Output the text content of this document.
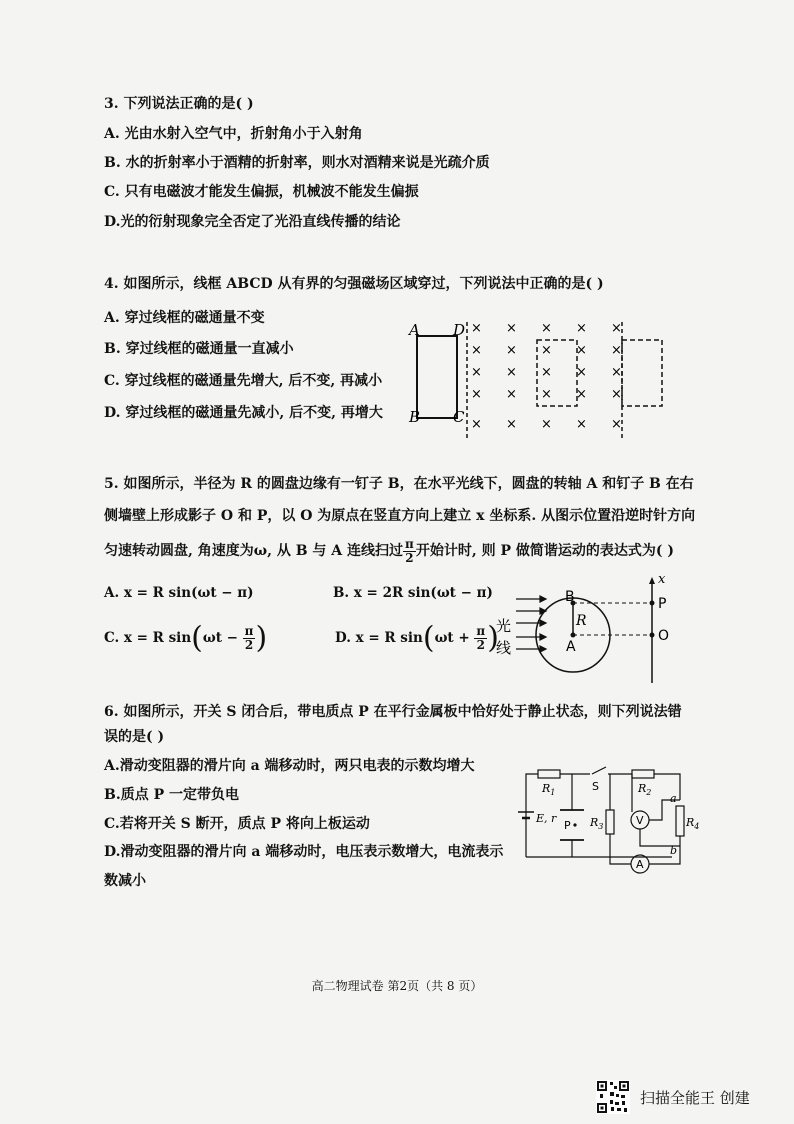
3. 下列说法正确的是( )
A. 光由水射入空气中，折射角小于入射角
B. 水的折射率小于酒精的折射率，则水对酒精来说是光疏介质
C. 只有电磁波才能发生偏振，机械波不能发生偏振
D.光的衍射现象完全否定了光沿直线传播的结论
4. 如图所示，线框 ABCD 从有界的匀强磁场区域穿过，下列说法中正确的是( )
A. 穿过线框的磁通量不变
B. 穿过线框的磁通量一直减小
C. 穿过线框的磁通量先增大, 后不变, 再减小
D. 穿过线框的磁通量先减小, 后不变, 再增大
A D
B C
× × × × ×
× × × × ×
× × × × ×
× × × × ×
× × × × ×
5. 如图所示，半径为 R 的圆盘边缘有一钉子 B，在水平光线下，圆盘的转轴 A 和钉子 B 在右
侧墙壁上形成影子 O 和 P，以 O 为原点在竖直方向上建立 x 坐标系. 从图示位置沿逆时针方向
匀速转动圆盘, 角速度为ω, 从 B 与 A 连线扫过 $\frac{\pi}{2}$ 开始计时, 则 P 做简谐运动的表达式为( )
A. x = R sin(ωt − π)	B. x = 2R sin(ωt − π)
C. x = R $\sin(\omega t - \frac{\pi}{2}$ )	D. x = R $\sin(\omega t + \frac{\pi}{2}$ )
光
线
B
R
A
x
P
O
6. 如图所示，开关 S 闭合后，带电质点 P 在平行金属板中恰好处于静止状态，则下列说法错
误的是( )
A.滑动变阻器的滑片向 a 端移动时，两只电表的示数均增大
B.质点 P 一定带负电
C.若将开关 S 断开，质点 P 将向上板运动
D.滑动变阻器的滑片向 a 端移动时，电压表示数增大，电流表示
数减小
$R_1$	S	$R_2$
E, r
P $R_3$	V
A
$R_4$
a
b
高二物理试卷 第2页（共 8 页）
扫描全能王 创建
